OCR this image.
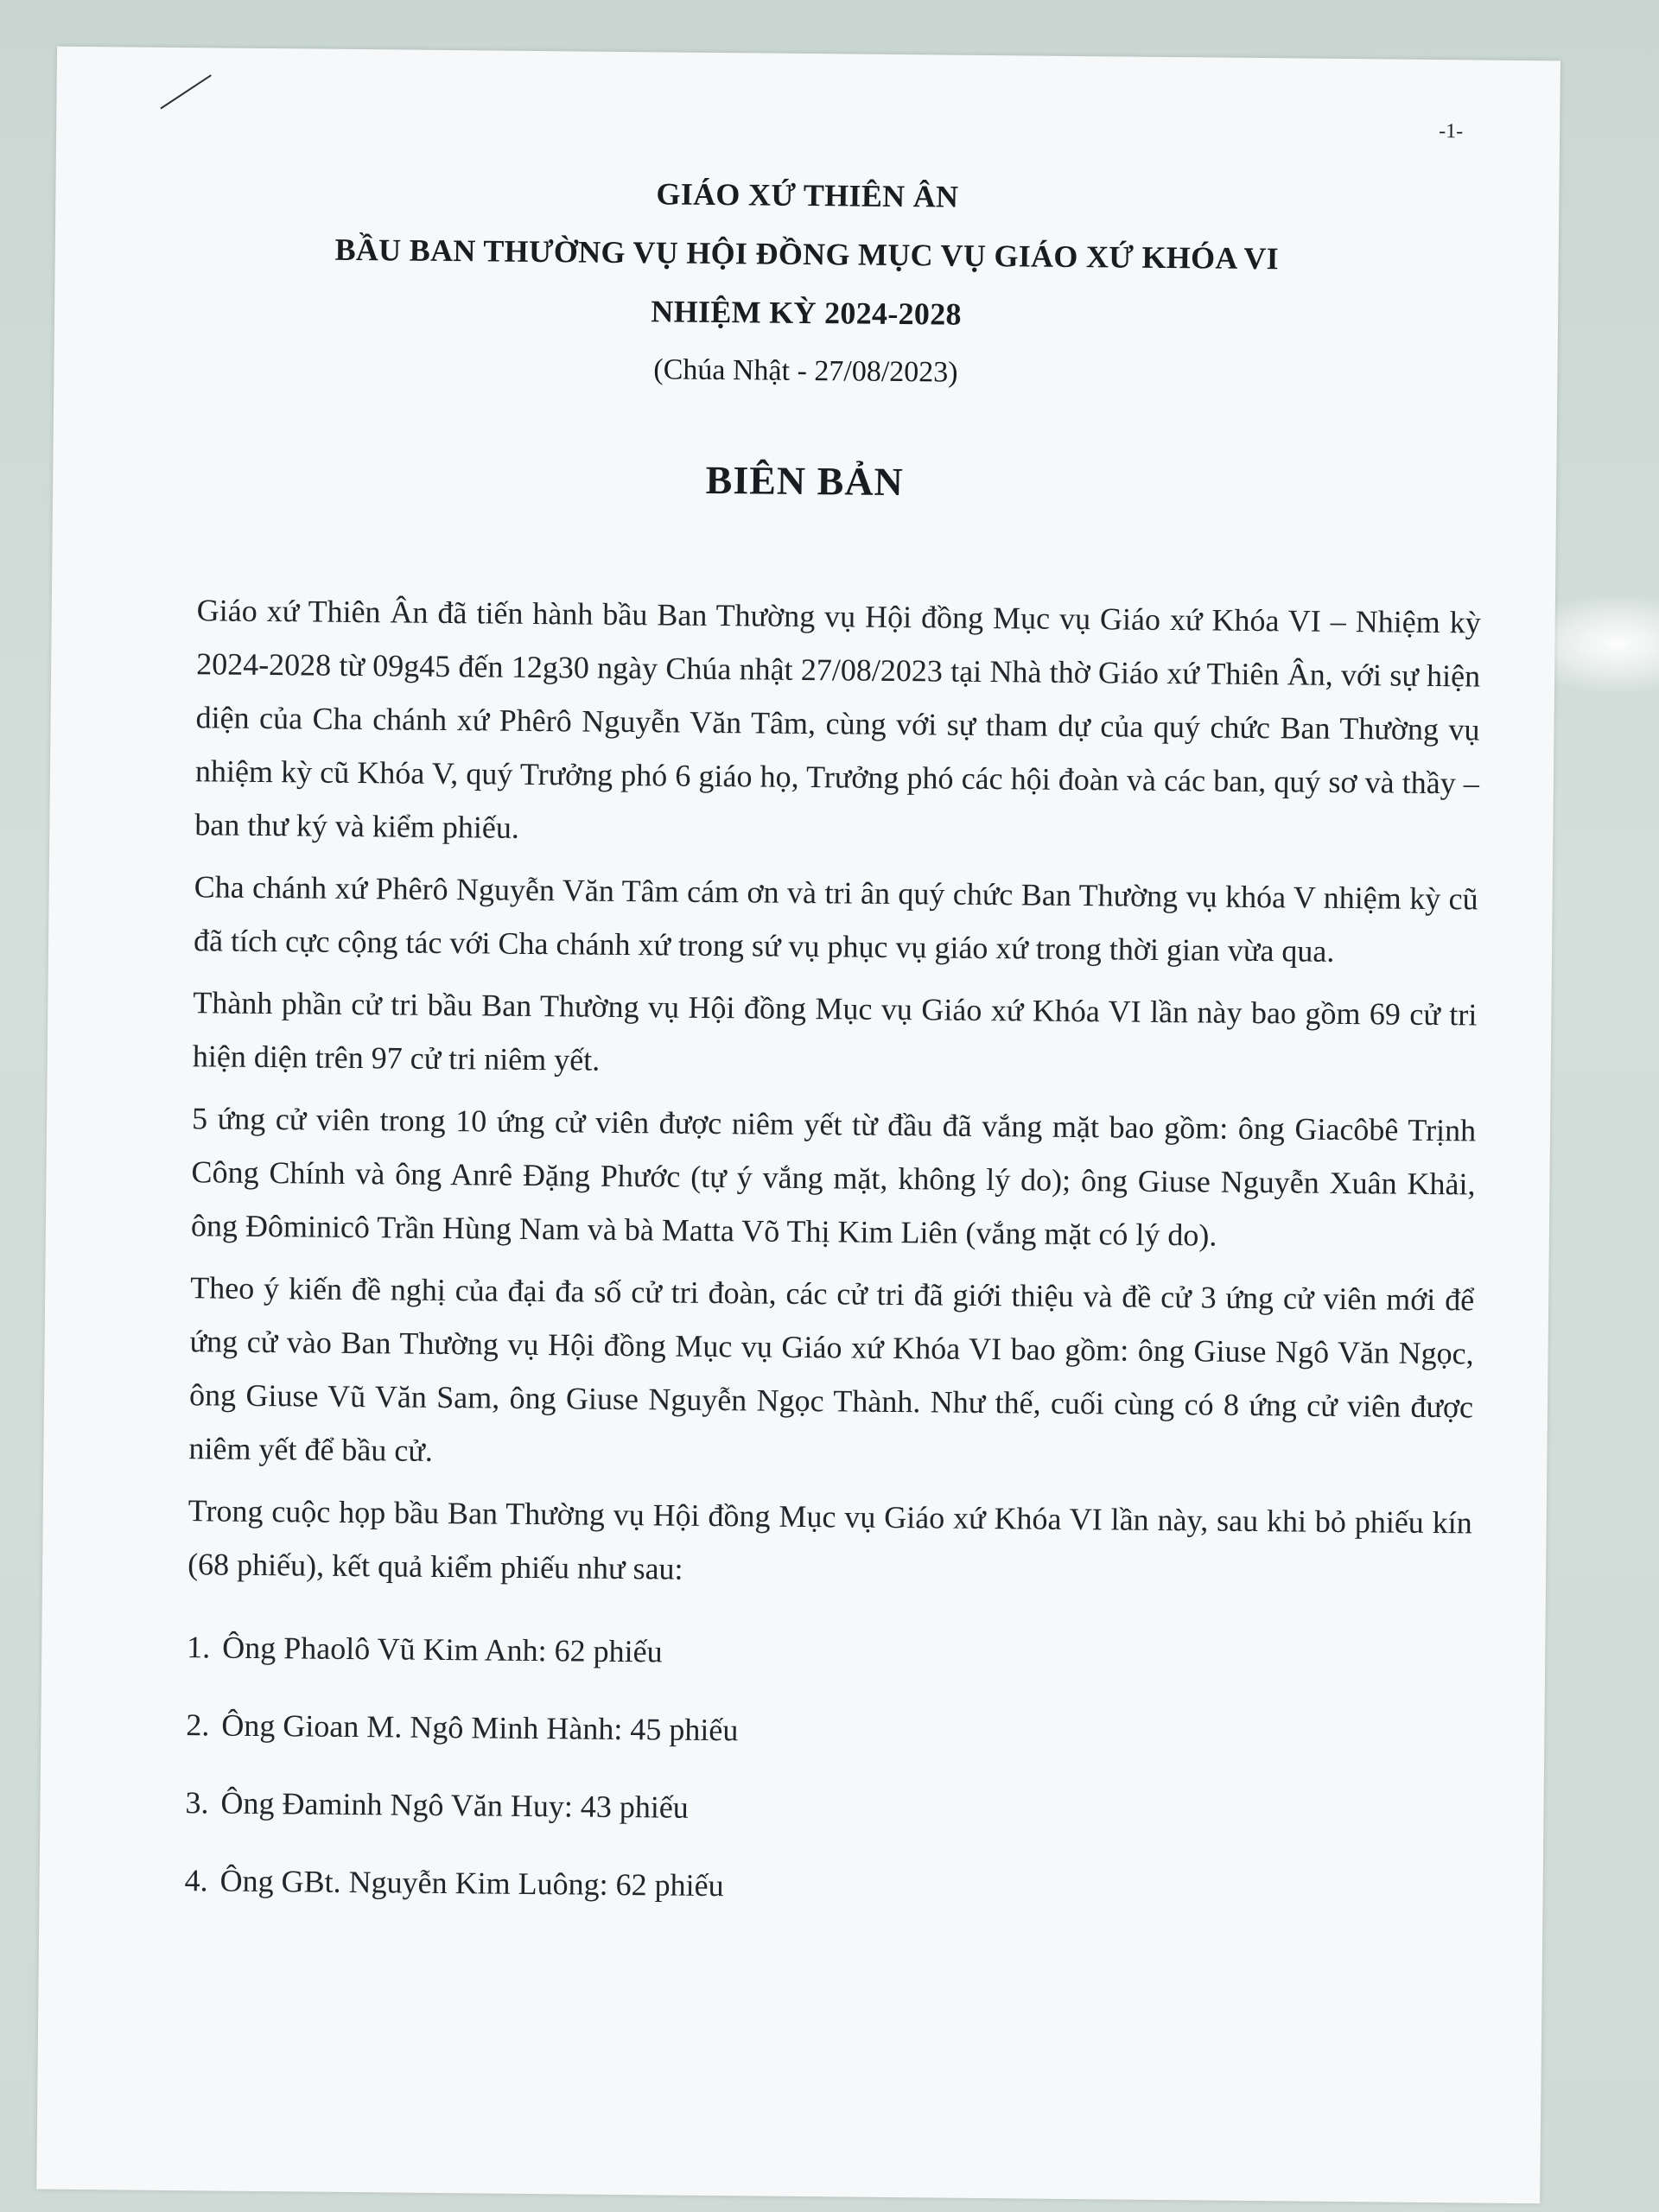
-1-
GIÁO XỨ THIÊN ÂN
BẦU BAN THƯỜNG VỤ HỘI ĐỒNG MỤC VỤ GIÁO XỨ KHÓA VI
NHIỆM KỲ 2024-2028
(Chúa Nhật - 27/08/2023)
BIÊN BẢN

Giáo xứ Thiên Ân đã tiến hành bầu Ban Thường vụ Hội đồng Mục vụ Giáo xứ Khóa VI – Nhiệm kỳ 2024-2028 từ 09g45 đến 12g30 ngày Chúa nhật 27/08/2023 tại Nhà thờ Giáo xứ Thiên Ân, với sự hiện diện của Cha chánh xứ Phêrô Nguyễn Văn Tâm, cùng với sự tham dự của quý chức Ban Thường vụ nhiệm kỳ cũ Khóa V, quý Trưởng phó 6 giáo họ, Trưởng phó các hội đoàn và các ban, quý sơ và thầy – ban thư ký và kiểm phiếu.

Cha chánh xứ Phêrô Nguyễn Văn Tâm cám ơn và tri ân quý chức Ban Thường vụ khóa V nhiệm kỳ cũ đã tích cực cộng tác với Cha chánh xứ trong sứ vụ phục vụ giáo xứ trong thời gian vừa qua.

Thành phần cử tri bầu Ban Thường vụ Hội đồng Mục vụ Giáo xứ Khóa VI lần này bao gồm 69 cử tri hiện diện trên 97 cử tri niêm yết.

5 ứng cử viên trong 10 ứng cử viên được niêm yết từ đầu đã vắng mặt bao gồm: ông Giacôbê Trịnh Công Chính và ông Anrê Đặng Phước (tự ý vắng mặt, không lý do); ông Giuse Nguyễn Xuân Khải, ông Đôminicô Trần Hùng Nam và bà Matta Võ Thị Kim Liên (vắng mặt có lý do).

Theo ý kiến đề nghị của đại đa số cử tri đoàn, các cử tri đã giới thiệu và đề cử 3 ứng cử viên mới để ứng cử vào Ban Thường vụ Hội đồng Mục vụ Giáo xứ Khóa VI bao gồm: ông Giuse Ngô Văn Ngọc, ông Giuse Vũ Văn Sam, ông Giuse Nguyễn Ngọc Thành. Như thế, cuối cùng có 8 ứng cử viên được niêm yết để bầu cử.

Trong cuộc họp bầu Ban Thường vụ Hội đồng Mục vụ Giáo xứ Khóa VI lần này, sau khi bỏ phiếu kín (68 phiếu), kết quả kiểm phiếu như sau:

1. Ông Phaolô Vũ Kim Anh: 62 phiếu
2. Ông Gioan M. Ngô Minh Hành: 45 phiếu
3. Ông Đaminh Ngô Văn Huy: 43 phiếu
4. Ông GBt. Nguyễn Kim Luông: 62 phiếu
